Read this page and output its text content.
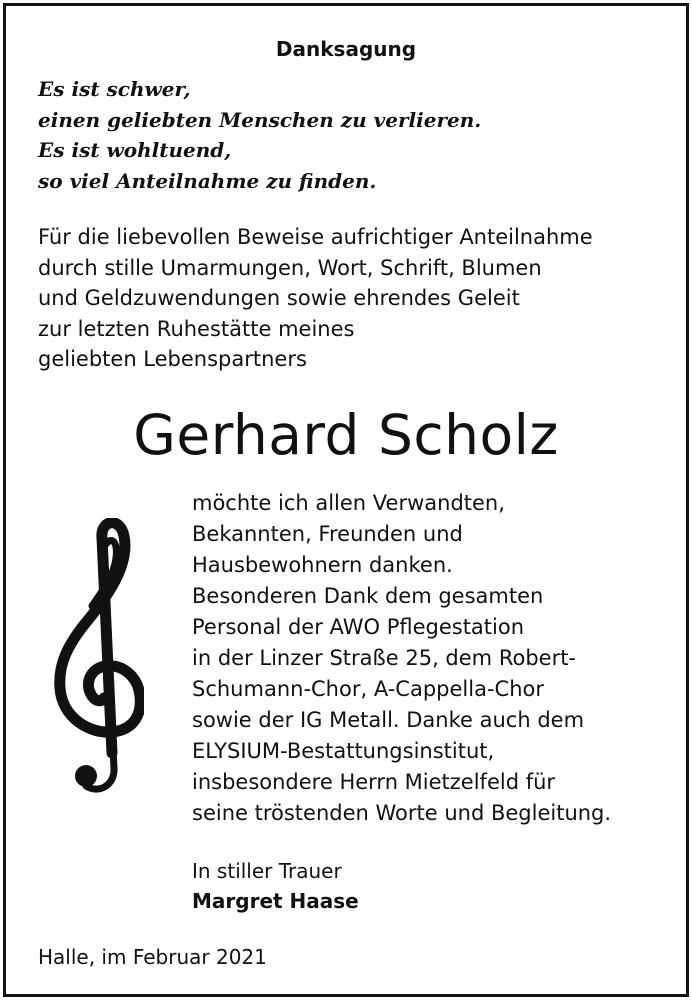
Danksagung
Es ist schwer,
einen geliebten Menschen zu verlieren.
Es ist wohltuend,
so viel Anteilnahme zu finden.
Für die liebevollen Beweise aufrichtiger Anteilnahme
durch stille Umarmungen, Wort, Schrift, Blumen
und Geldzuwendungen sowie ehrendes Geleit
zur letzten Ruhestätte meines
geliebten Lebenspartners
Gerhard Scholz
möchte ich allen Verwandten,
Bekannten, Freunden und
Hausbewohnern danken.
Besonderen Dank dem gesamten
Personal der AWO Pflegestation
in der Linzer Straße 25, dem Robert-
Schumann-Chor, A-Cappella-Chor
sowie der IG Metall. Danke auch dem
ELYSIUM-Bestattungsinstitut,
insbesondere Herrn Mietzelfeld für
seine tröstenden Worte und Begleitung.
In stiller Trauer
Margret Haase
Halle, im Februar 2021
